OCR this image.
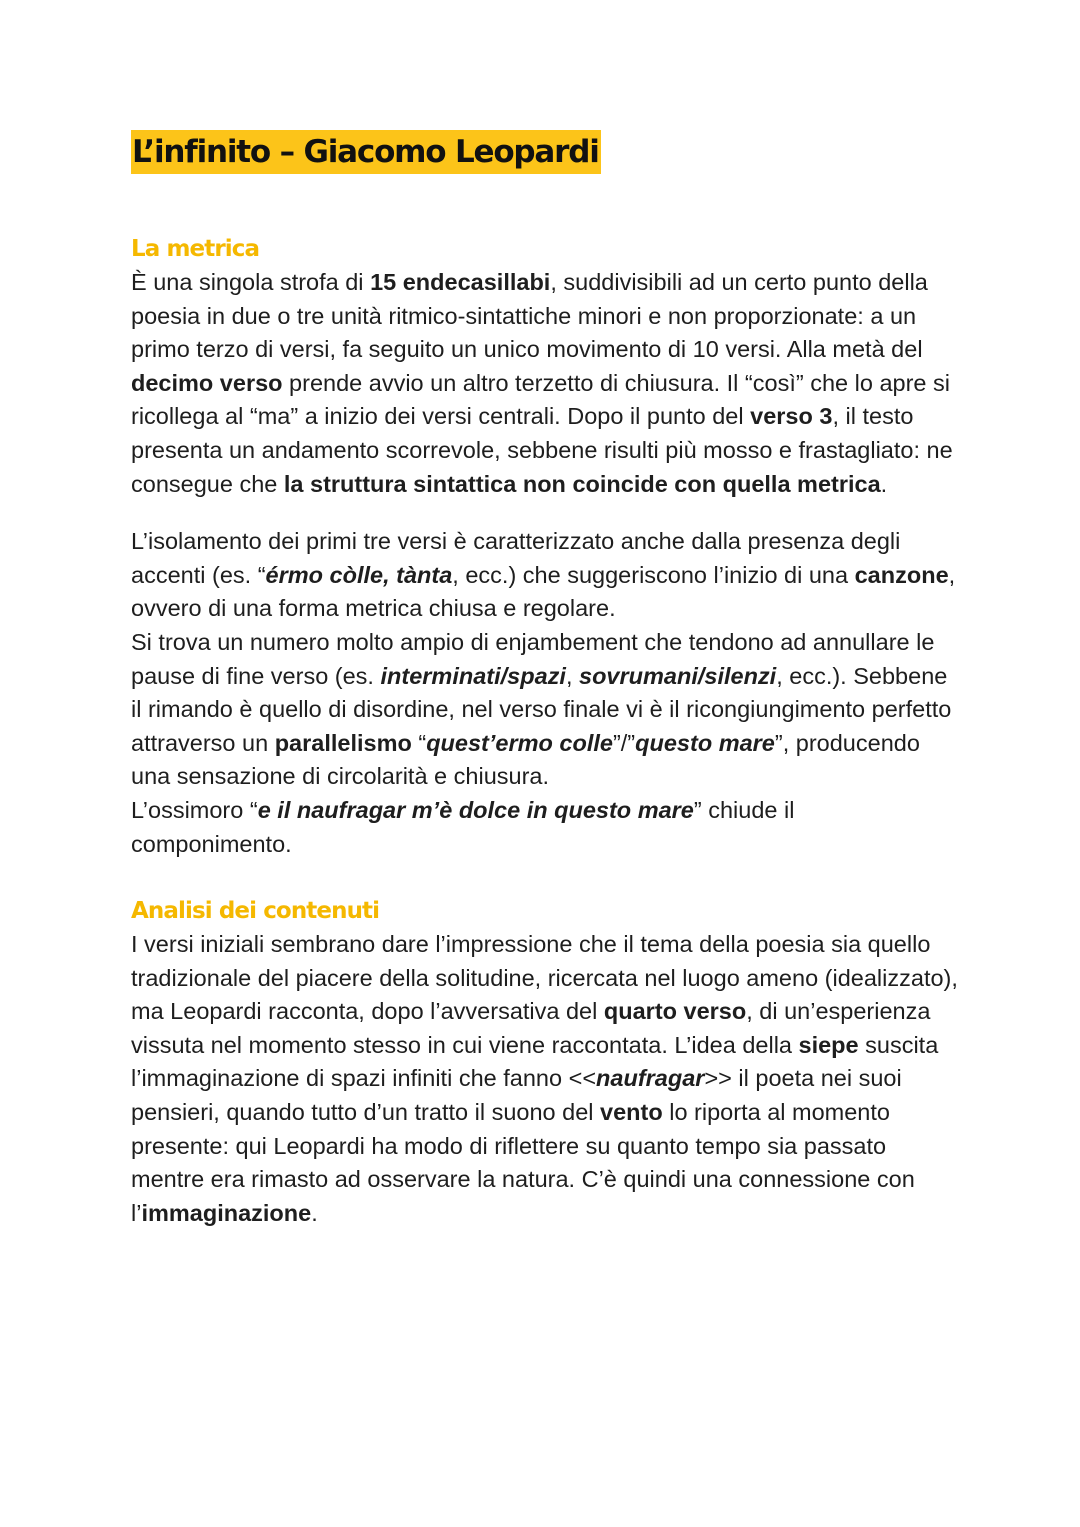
L’infinito – Giacomo Leopardi
La metrica

È una singola strofa di 15 endecasillabi, suddivisibili ad un certo punto della poesia in due o tre unità ritmico-sintattiche minori e non proporzionate: a un primo terzo di versi, fa seguito un unico movimento di 10 versi. Alla metà del decimo verso prende avvio un altro terzetto di chiusura. Il “così” che lo apre si ricollega al “ma” a inizio dei versi centrali. Dopo il punto del verso 3, il testo presenta un andamento scorrevole, sebbene risulti più mosso e frastagliato: ne consegue che la struttura sintattica non coincide con quella metrica.

L’isolamento dei primi tre versi è caratterizzato anche dalla presenza degli accenti (es. “érmo còlle, tànta, ecc.) che suggeriscono l’inizio di una canzone, ovvero di una forma metrica chiusa e regolare.

Si trova un numero molto ampio di enjambement che tendono ad annullare le pause di fine verso (es. interminati/spazi, sovrumani/silenzi, ecc.). Sebbene il rimando è quello di disordine, nel verso finale vi è il ricongiungimento perfetto attraverso un parallelismo “quest’ermo colle”/”questo mare”, producendo una sensazione di circolarità e chiusura.

L’ossimoro “e il naufragar m’è dolce in questo mare” chiude il componimento.

Analisi dei contenuti

I versi iniziali sembrano dare l’impressione che il tema della poesia sia quello tradizionale del piacere della solitudine, ricercata nel luogo ameno (idealizzato), ma Leopardi racconta, dopo l’avversativa del quarto verso, di un’esperienza vissuta nel momento stesso in cui viene raccontata. L’idea della siepe suscita l’immaginazione di spazi infiniti che fanno <<naufragar>> il poeta nei suoi pensieri, quando tutto d’un tratto il suono del vento lo riporta al momento presente: qui Leopardi ha modo di riflettere su quanto tempo sia passato mentre era rimasto ad osservare la natura. C’è quindi una connessione con l’immaginazione.
